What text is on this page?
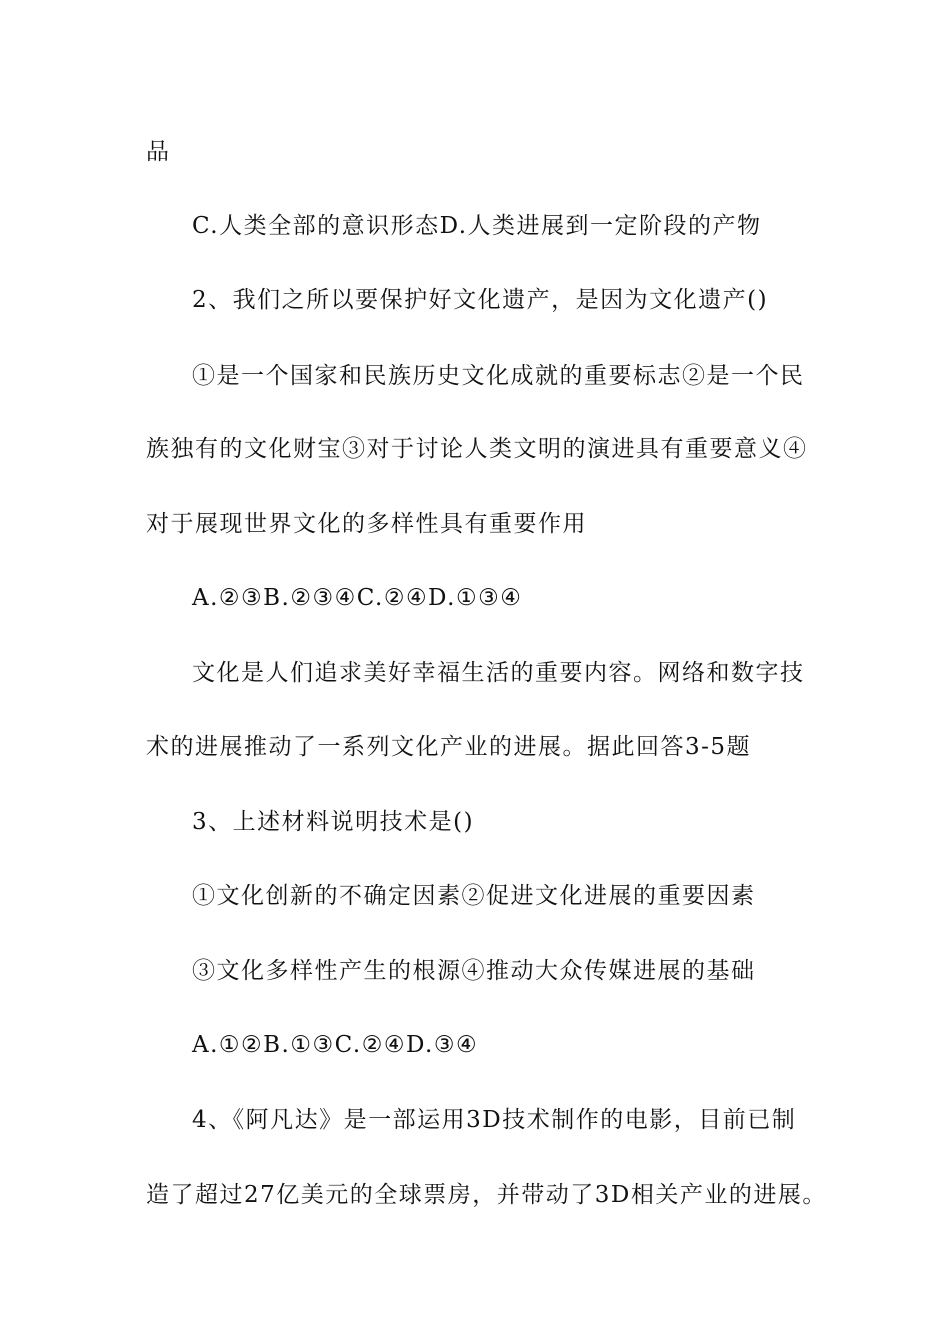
品
C.人类全部的意识形态D.人类进展到一定阶段的产物
2、我们之所以要保护好文化遗产，是因为文化遗产()
①是一个国家和民族历史文化成就的重要标志②是一个民
族独有的文化财宝③对于讨论人类文明的演进具有重要意义④
对于展现世界文化的多样性具有重要作用
A.②③B.②③④C.②④D.①③④
文化是人们追求美好幸福生活的重要内容。网络和数字技
术的进展推动了一系列文化产业的进展。据此回答3-5题
3、上述材料说明技术是()
①文化创新的不确定因素②促进文化进展的重要因素
③文化多样性产生的根源④推动大众传媒进展的基础
A.①②B.①③C.②④D.③④
4、《阿凡达》是一部运用3D技术制作的电影，目前已制
造了超过27亿美元的全球票房，并带动了3D相关产业的进展。
